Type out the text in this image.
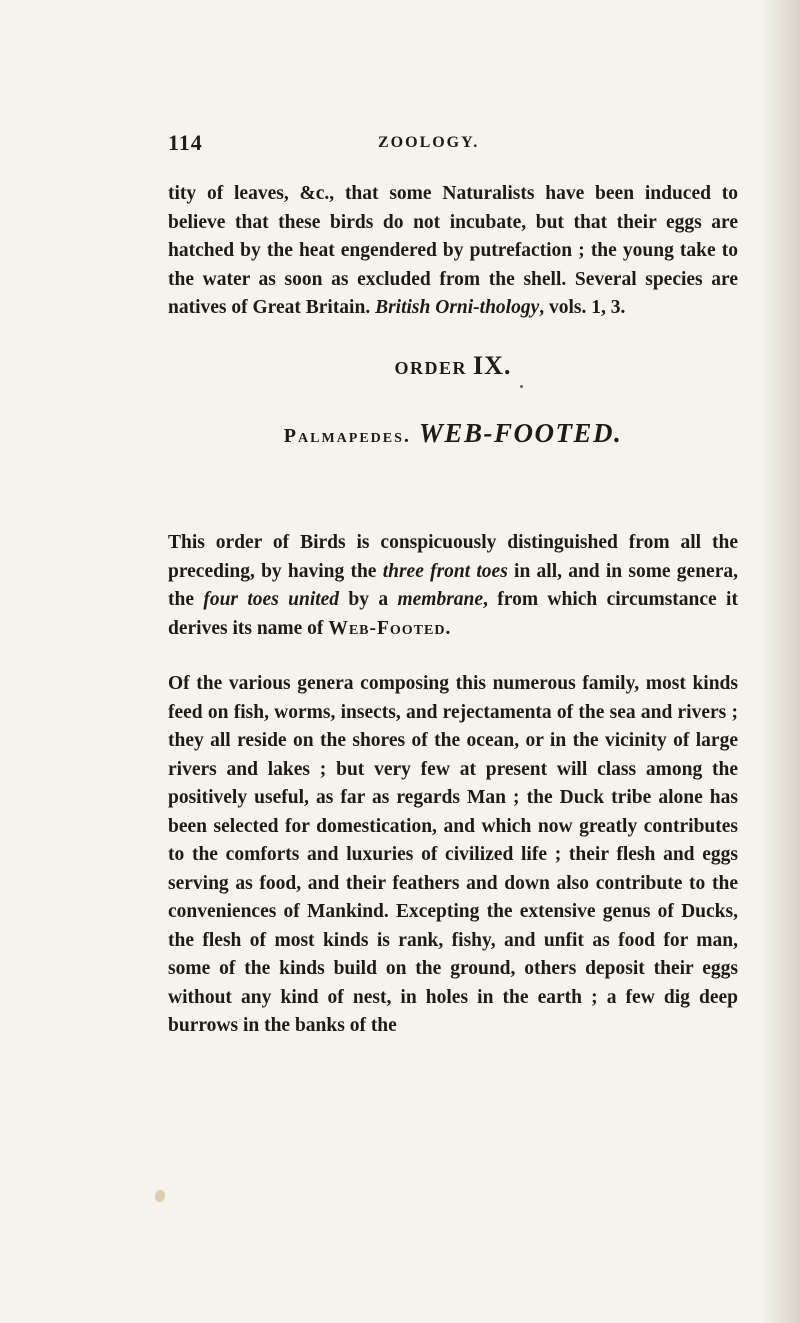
114	ZOOLOGY.
tity of leaves, &c., that some Naturalists have been induced to believe that these birds do not incubate, but that their eggs are hatched by the heat engendered by putrefaction ; the young take to the water as soon as excluded from the shell. Several species are natives of Great Britain. British Orni-thology, vols. 1, 3.
ORDER IX.
Palmapedes. WEB-FOOTED.
This order of Birds is conspicuously distinguished from all the preceding, by having the three front toes in all, and in some genera, the four toes united by a membrane, from which circumstance it derives its name of Web-Footed.
Of the various genera composing this numerous family, most kinds feed on fish, worms, insects, and rejectamenta of the sea and rivers ; they all reside on the shores of the ocean, or in the vicinity of large rivers and lakes ; but very few at present will class among the positively useful, as far as regards Man ; the Duck tribe alone has been selected for domestication, and which now greatly contributes to the comforts and luxuries of civilized life ; their flesh and eggs serving as food, and their feathers and down also contribute to the conveniences of Mankind. Excepting the extensive genus of Ducks, the flesh of most kinds is rank, fishy, and unfit as food for man, some of the kinds build on the ground, others deposit their eggs without any kind of nest, in holes in the earth ; a few dig deep burrows in the banks of the
